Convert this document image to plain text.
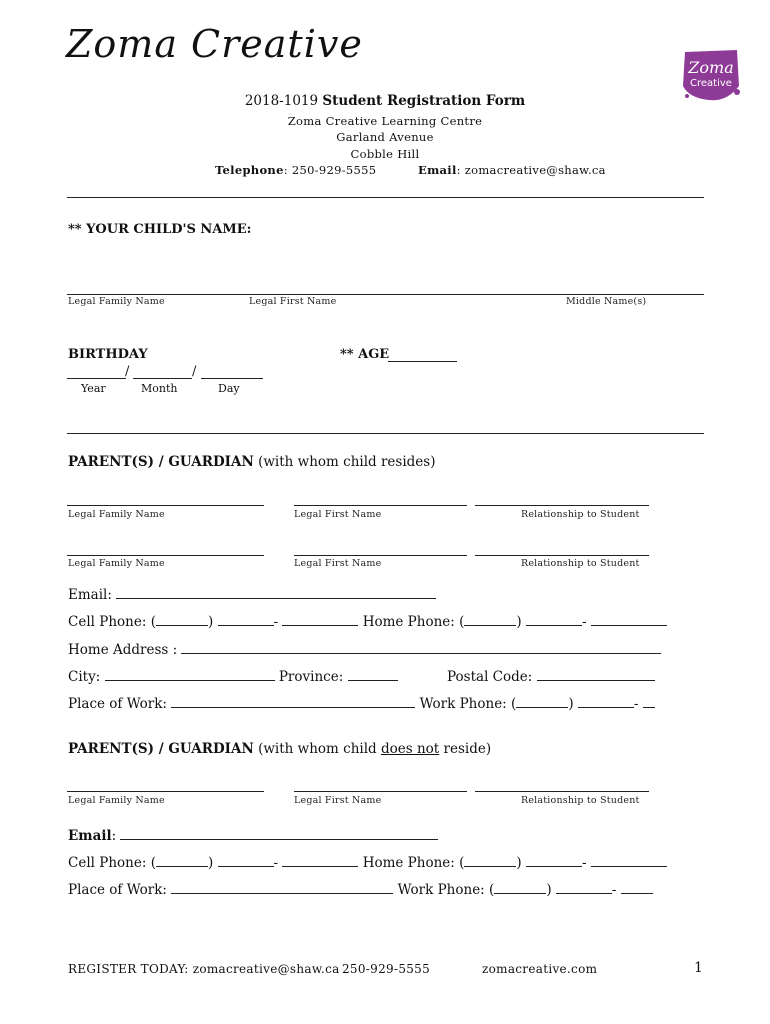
Zoma Creative
Zoma
Creative
2018-1019 Student Registration Form
Zoma Creative Learning Centre
Garland Avenue
Cobble Hill
Telephone: 250-929-5555	Email: zomacreative@shaw.ca
** YOUR CHILD'S NAME:
Legal Family Name	Legal First Name	Middle Name(s)
BIRTHDAY	** AGE
/	/
Year	Month	Day
PARENT(S) / GUARDIAN (with whom child resides)
Legal Family Name	Legal First Name	Relationship to Student
Legal Family Name	Legal First Name	Relationship to Student
Email:
Cell Phone: (	)	-	Home Phone: (	)	-
Home Address :
City:	Province:	Postal Code:
Place of Work:	Work Phone: (	)	-
PARENT(S) / GUARDIAN (with whom child does not reside)
Legal Family Name	Legal First Name	Relationship to Student
Email:
Cell Phone: (	)	-	Home Phone: (	)	-
Place of Work:	Work Phone: (	)	-
REGISTER TODAY: zomacreative@shaw.ca 250-929-5555	zomacreative.com	1
